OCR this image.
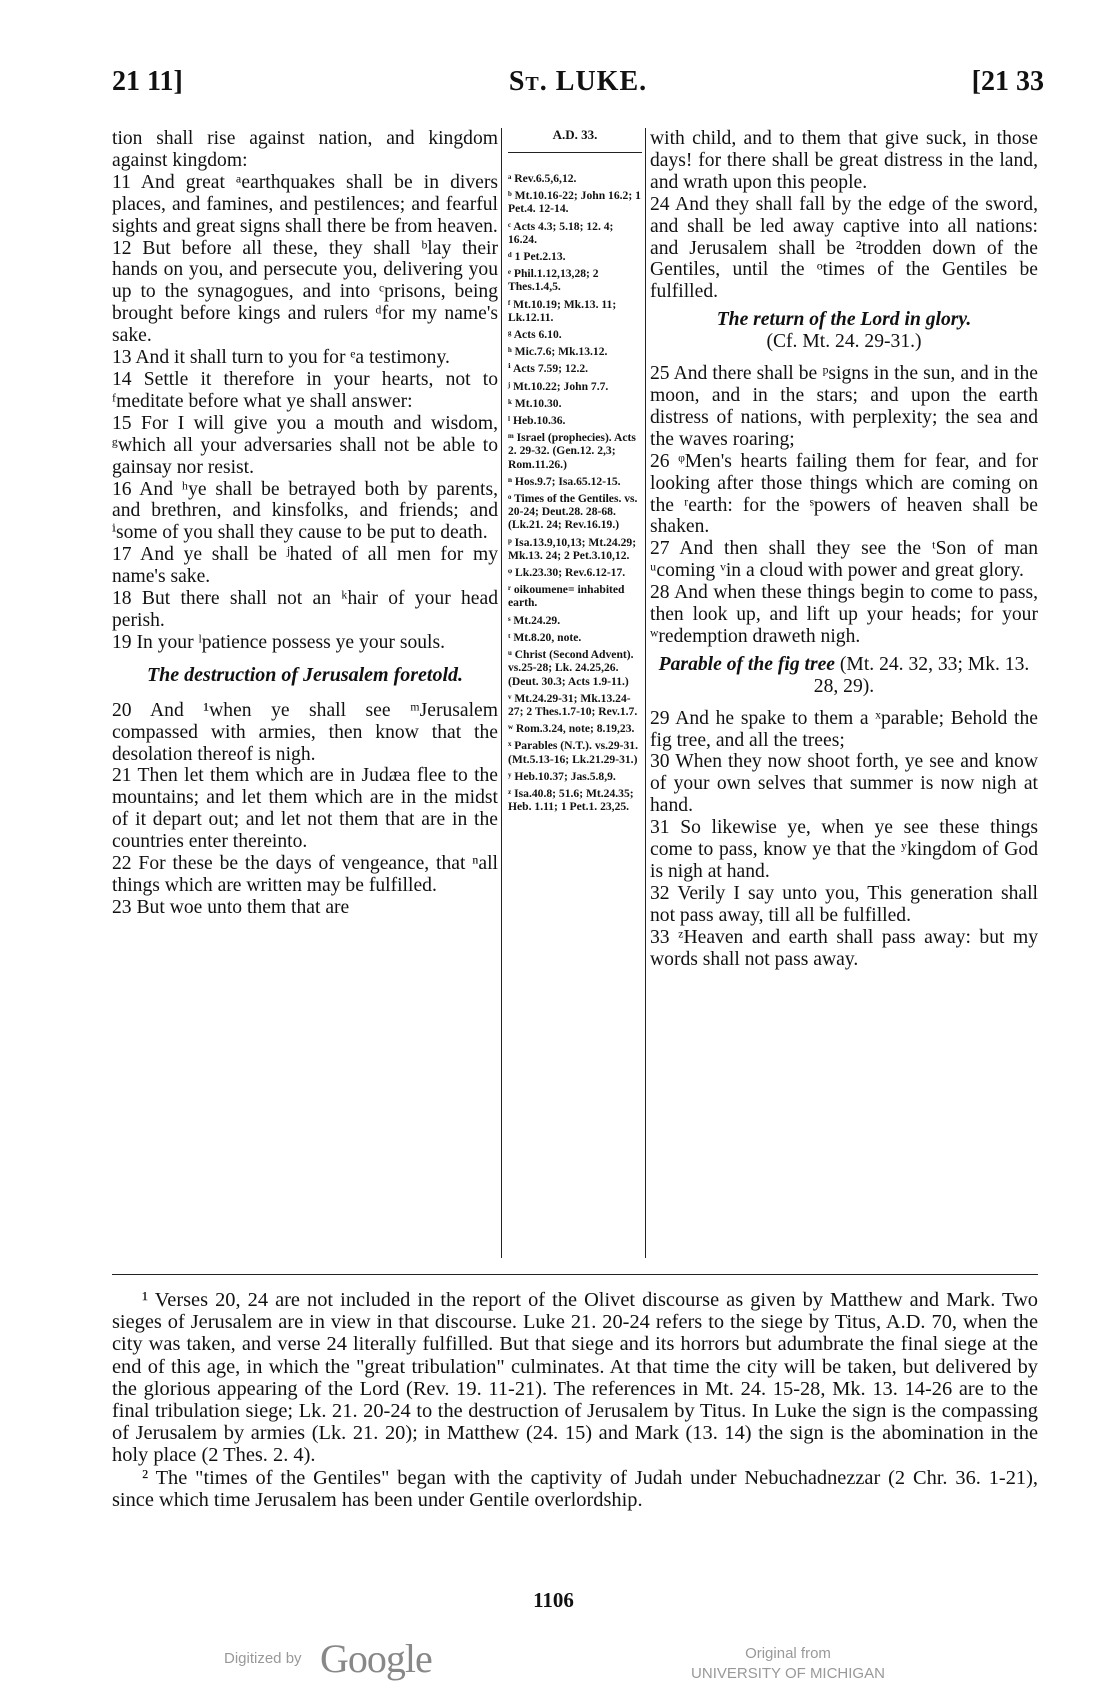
21 11]	St. LUKE.	[21 33

tion shall rise against nation, and kingdom against kingdom:

11 And great ᵃearthquakes shall be in divers places, and famines, and pestilences; and fearful sights and great signs shall there be from heaven.

12 But before all these, they shall ᵇlay their hands on you, and persecute you, delivering you up to the synagogues, and into ᶜprisons, being brought before kings and rulers ᵈfor my name's sake.

13 And it shall turn to you for ᵉa testimony.

14 Settle it therefore in your hearts, not to ᶠmeditate before what ye shall answer:

15 For I will give you a mouth and wisdom, ᵍwhich all your adversaries shall not be able to gainsay nor resist.

16 And ʰye shall be betrayed both by parents, and brethren, and kinsfolks, and friends; and ⁱsome of you shall they cause to be put to death.

17 And ye shall be ʲhated of all men for my name's sake.

18 But there shall not an ᵏhair of your head perish.

19 In your ˡpatience possess ye your souls.

The destruction of Jerusalem foretold.

20 And ¹when ye shall see ᵐJerusalem compassed with armies, then know that the desolation thereof is nigh.

21 Then let them which are in Judæa flee to the mountains; and let them which are in the midst of it depart out; and let not them that are in the countries enter thereinto.

22 For these be the days of vengeance, that ⁿall things which are written may be fulfilled.

23 But woe unto them that are

A.D. 33.

ᵃ Rev.6.5,6,12.

ᵇ Mt.10.16-22; John 16.2; 1 Pet.4. 12-14.

ᶜ Acts 4.3; 5.18; 12. 4; 16.24.

ᵈ 1 Pet.2.13.

ᵉ Phil.1.12,13,28; 2 Thes.1.4,5.

ᶠ Mt.10.19; Mk.13. 11; Lk.12.11.

ᵍ Acts 6.10.

ʰ Mic.7.6; Mk.13.12.

ⁱ Acts 7.59; 12.2.

ʲ Mt.10.22; John 7.7.

ᵏ Mt.10.30.

ˡ Heb.10.36.

ᵐ Israel (prophecies). Acts 2. 29-32. (Gen.12. 2,3; Rom.11.26.)

ⁿ Hos.9.7; Isa.65.12-15.

ᵒ Times of the Gentiles. vs. 20-24; Deut.28. 28-68. (Lk.21. 24; Rev.16.19.)

ᵖ Isa.13.9,10,13; Mt.24.29; Mk.13. 24; 2 Pet.3.10,12.

ᵠ Lk.23.30; Rev.6.12-17.

ʳ oikoumene= inhabited earth.

ˢ Mt.24.29.

ᵗ Mt.8.20, note.

ᵘ Christ (Second Advent). vs.25-28; Lk. 24.25,26. (Deut. 30.3; Acts 1.9-11.)

ᵛ Mt.24.29-31; Mk.13.24-27; 2 Thes.1.7-10; Rev.1.7.

ʷ Rom.3.24, note; 8.19,23.

ˣ Parables (N.T.). vs.29-31. (Mt.5.13-16; Lk.21.29-31.)

ʸ Heb.10.37; Jas.5.8,9.

ᶻ Isa.40.8; 51.6; Mt.24.35; Heb. 1.11; 1 Pet.1. 23,25.

with child, and to them that give suck, in those days! for there shall be great distress in the land, and wrath upon this people.

24 And they shall fall by the edge of the sword, and shall be led away captive into all nations: and Jerusalem shall be ²trodden down of the Gentiles, until the ᵒtimes of the Gentiles be fulfilled.

The return of the Lord in glory.
(Cf. Mt. 24. 29-31.)

25 And there shall be ᵖsigns in the sun, and in the moon, and in the stars; and upon the earth distress of nations, with perplexity; the sea and the waves roaring;

26 ᵠMen's hearts failing them for fear, and for looking after those things which are coming on the ʳearth: for the ˢpowers of heaven shall be shaken.

27 And then shall they see the ᵗSon of man ᵘcoming ᵛin a cloud with power and great glory.

28 And when these things begin to come to pass, then look up, and lift up your heads; for your ʷredemption draweth nigh.

Parable of the fig tree (Mt. 24. 32, 33; Mk. 13. 28, 29).

29 And he spake to them a ˣparable; Behold the fig tree, and all the trees;

30 When they now shoot forth, ye see and know of your own selves that summer is now nigh at hand.

31 So likewise ye, when ye see these things come to pass, know ye that the ʸkingdom of God is nigh at hand.

32 Verily I say unto you, This generation shall not pass away, till all be fulfilled.

33 ᶻHeaven and earth shall pass away: but my words shall not pass away.

¹ Verses 20, 24 are not included in the report of the Olivet discourse as given by Matthew and Mark. Two sieges of Jerusalem are in view in that discourse. Luke 21. 20-24 refers to the siege by Titus, A.D. 70, when the city was taken, and verse 24 literally fulfilled. But that siege and its horrors but adumbrate the final siege at the end of this age, in which the "great tribulation" culminates. At that time the city will be taken, but delivered by the glorious appearing of the Lord (Rev. 19. 11-21). The references in Mt. 24. 15-28, Mk. 13. 14-26 are to the final tribulation siege; Lk. 21. 20-24 to the destruction of Jerusalem by Titus. In Luke the sign is the compassing of Jerusalem by armies (Lk. 21. 20); in Matthew (24. 15) and Mark (13. 14) the sign is the abomination in the holy place (2 Thes. 2. 4).

² The "times of the Gentiles" began with the captivity of Judah under Nebuchadnezzar (2 Chr. 36. 1-21), since which time Jerusalem has been under Gentile overlordship.

1106
Digitized by Google	Original from
UNIVERSITY OF MICHIGAN
